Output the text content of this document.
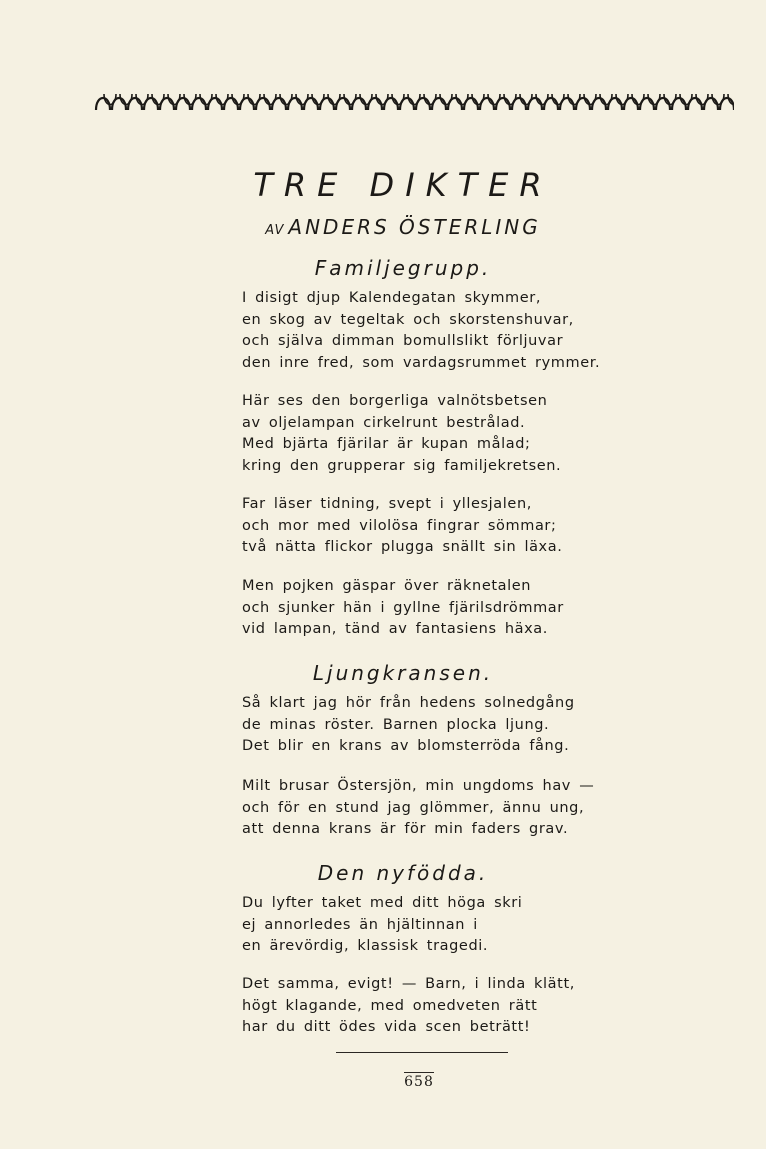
TRE DIKTER
AV ANDERS ÖSTERLING
Familjegrupp.
I disigt djup Kalendegatan skymmer,
en skog av tegeltak och skorstenshuvar,
och själva dimman bomullslikt förljuvar
den inre fred, som vardagsrummet rymmer.
Här ses den borgerliga valnötsbetsen
av oljelampan cirkelrunt bestrålad.
Med bjärta fjärilar är kupan målad;
kring den grupperar sig familjekretsen.
Far läser tidning, svept i yllesjalen,
och mor med vilolösa fingrar sömmar;
två nätta flickor plugga snällt sin läxa.
Men pojken gäspar över räknetalen
och sjunker hän i gyllne fjärilsdrömmar
vid lampan, tänd av fantasiens häxa.
Ljungkransen.
Så klart jag hör från hedens solnedgång
de minas röster. Barnen plocka ljung.
Det blir en krans av blomsterröda fång.
Milt brusar Östersjön, min ungdoms hav —
och för en stund jag glömmer, ännu ung,
att denna krans är för min faders grav.
Den nyfödda.
Du lyfter taket med ditt höga skri
ej annorledes än hjältinnan i
en ärevördig, klassisk tragedi.
Det samma, evigt! — Barn, i linda klätt,
högt klagande, med omedveten rätt
har du ditt ödes vida scen beträtt!
658
